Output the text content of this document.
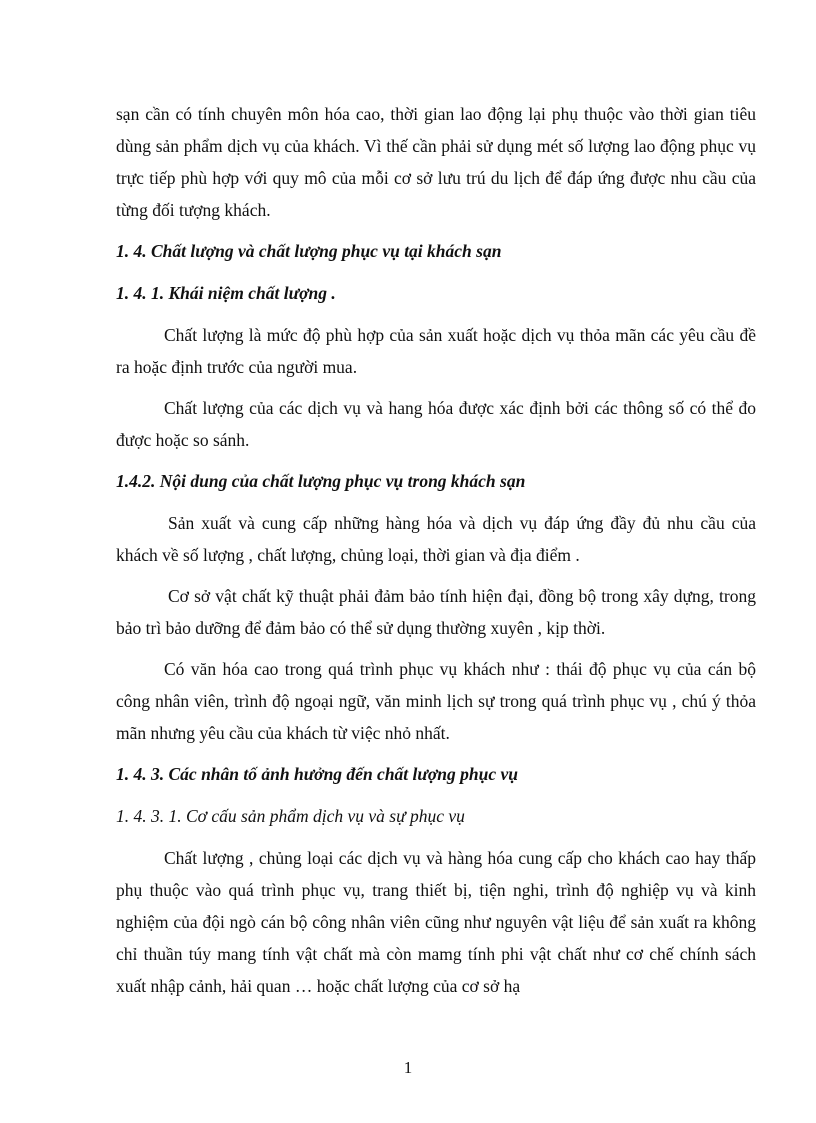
sạn cần có tính chuyên môn hóa cao, thời gian lao động lại phụ thuộc vào thời gian tiêu dùng sản phẩm dịch vụ của khách. Vì thế cần phải sử dụng mét số lượng lao động phục vụ trực tiếp phù hợp với quy mô của mỗi cơ sở lưu trú du lịch để đáp ứng được nhu cầu của từng đối tượng khách.

1. 4. Chất lượng và chất lượng phục vụ tại khách sạn
1. 4. 1. Khái niệm chất lượng .

Chất lượng là mức độ phù hợp của sản xuất hoặc dịch vụ thỏa mãn các yêu cầu đề ra hoặc định trước của người mua.

Chất lượng của các dịch vụ và hang hóa được xác định bởi các thông số có thể đo được hoặc so sánh.

1.4.2. Nội dung của chất lượng phục vụ trong khách sạn

Sản xuất và cung cấp những hàng hóa và dịch vụ đáp ứng đầy đủ nhu cầu của khách về số lượng , chất lượng, chủng loại, thời gian và địa điểm .

Cơ sở vật chất kỹ thuật phải đảm bảo tính hiện đại, đồng bộ trong xây dựng, trong bảo trì bảo dưỡng để đảm bảo có thể sử dụng thường xuyên , kịp thời.

Có văn hóa cao trong quá trình phục vụ khách như : thái độ phục vụ của cán bộ công nhân viên, trình độ ngoại ngữ, văn minh lịch sự trong quá trình phục vụ , chú ý thỏa mãn nhưng yêu cầu của khách từ việc nhỏ nhất.

1. 4. 3. Các nhân tố ảnh hưởng đến chất lượng phục vụ
1. 4. 3. 1. Cơ cấu sản phẩm dịch vụ và sự phục vụ

Chất lượng , chủng loại các dịch vụ và hàng hóa cung cấp cho khách cao hay thấp phụ thuộc vào quá trình phục vụ, trang thiết bị, tiện nghi, trình độ nghiệp vụ và kinh nghiệm của đội ngò cán bộ công nhân viên cũng như nguyên vật liệu để sản xuất ra không chỉ thuần túy mang tính vật chất mà còn mamg tính phi vật chất như cơ chế chính sách xuất nhập cảnh, hải quan … hoặc chất lượng của cơ sở hạ

1
